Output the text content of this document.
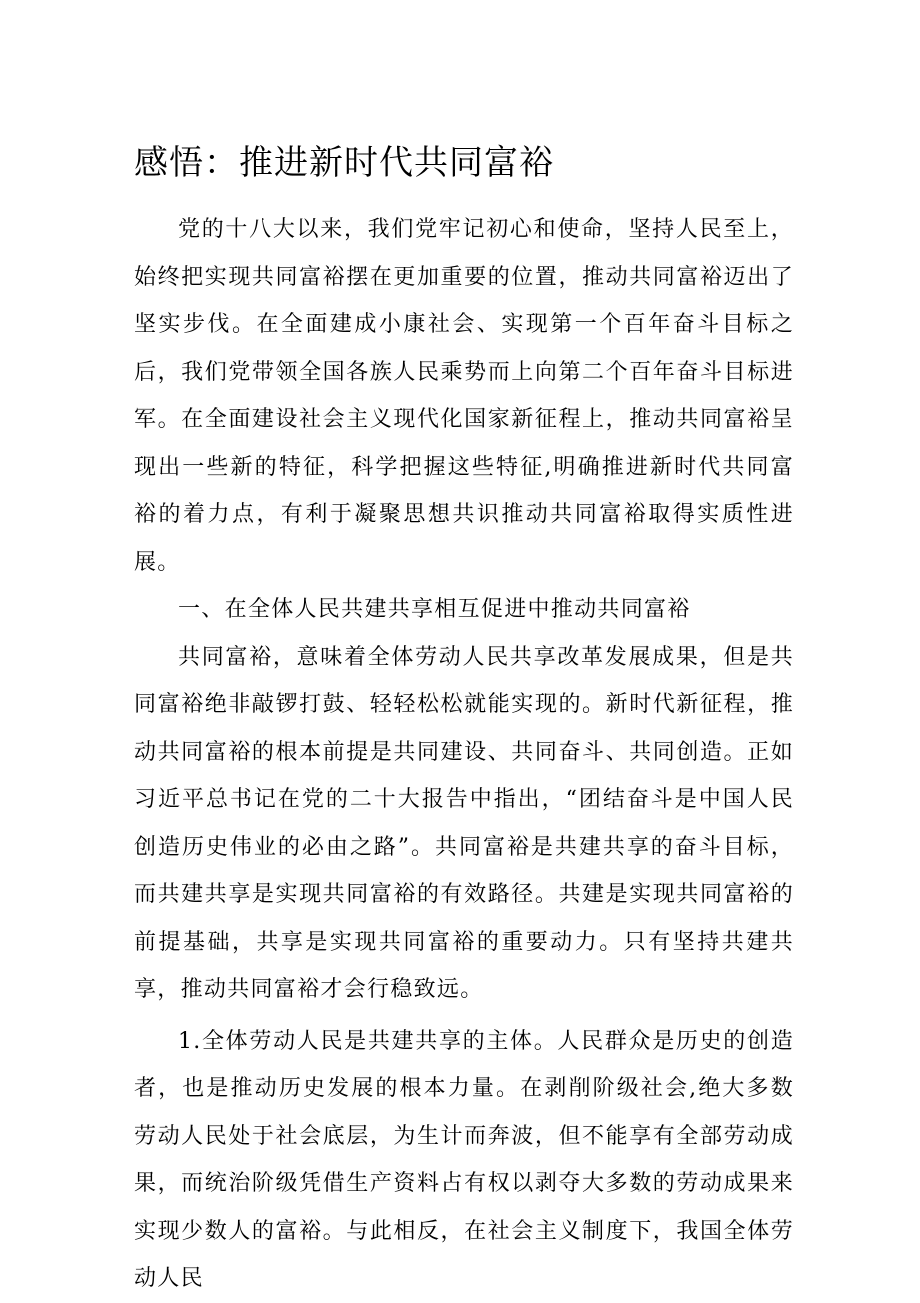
感悟：推进新时代共同富裕

党的十八大以来，我们党牢记初心和使命，坚持人民至上，始终把实现共同富裕摆在更加重要的位置，推动共同富裕迈出了坚实步伐。在全面建成小康社会、实现第一个百年奋斗目标之后，我们党带领全国各族人民乘势而上向第二个百年奋斗目标进军。在全面建设社会主义现代化国家新征程上，推动共同富裕呈现出一些新的特征，科学把握这些特征,明确推进新时代共同富裕的着力点，有利于凝聚思想共识推动共同富裕取得实质性进展。

一、在全体人民共建共享相互促进中推动共同富裕

共同富裕，意味着全体劳动人民共享改革发展成果，但是共同富裕绝非敲锣打鼓、轻轻松松就能实现的。新时代新征程，推动共同富裕的根本前提是共同建设、共同奋斗、共同创造。正如习近平总书记在党的二十大报告中指出，“团结奋斗是中国人民创造历史伟业的必由之路”。共同富裕是共建共享的奋斗目标，而共建共享是实现共同富裕的有效路径。共建是实现共同富裕的前提基础，共享是实现共同富裕的重要动力。只有坚持共建共享，推动共同富裕才会行稳致远。

1.全体劳动人民是共建共享的主体。人民群众是历史的创造者，也是推动历史发展的根本力量。在剥削阶级社会,绝大多数劳动人民处于社会底层，为生计而奔波，但不能享有全部劳动成果，而统治阶级凭借生产资料占有权以剥夺大多数的劳动成果来实现少数人的富裕。与此相反，在社会主义制度下，我国全体劳动人民
